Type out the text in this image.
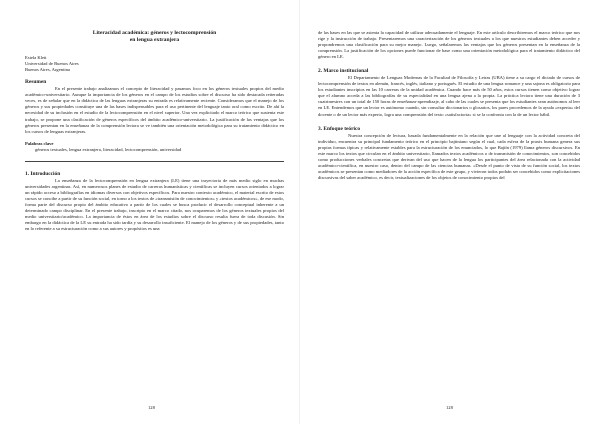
Literacidad académica: géneros y lectocomprensión
en lengua extranjera
Estela Klett
Universidad de Buenos Aires
Buenos Aires, Argentina
Resumen

En el presente trabajo analizamos el concepto de literacidad y pasamos foco en los géneros textuales propios del medio académico-universitario. Aunque la importancia de los géneros en el campo de los estudios sobre el discurso ha sido destacada reiteradas veces, es de señalar que en la didáctica de las lenguas extranjeras su entrada es relativamente reciente. Consideramos que el manejo de los géneros y sus propiedades constituye una de las bases indispensables para el uso pertinente del lenguaje tanto oral como escrito. De ahí la necesidad de su inclusión en el estudio de la lectocomprensión en el nivel superior. Una vez explicitado el marco teórico que sustenta este trabajo, se propone una clasificación de géneros específicos del ámbito académico-universitario. La justificación de las ventajas que los géneros presentan en la enseñanza de la comprensión lectora se ve también una orientación metodológica para su tratamiento didáctico en los cursos de lenguas extranjeras.

Palabras clave
géneros textuales, lengua extranjera, literacidad, lectocomprensión, universidad
1. Introducción

La enseñanza de la lectocomprensión en lengua extranjera (LE) tiene una trayectoria de más medio siglo en muchas universidades argentinas. Así, en numerosos planes de estudio de carreras humanísticas y científicas se incluyen cursos orientados a lograr un rápido acceso a bibliografías en idiomas diversos con objetivos específicos. Para nuestro contexto académico, el material escrito de estos cursos se concibe a partir de su función social, en torno a los textos de «transmisión de conocimientos» y «textos académicos», de ese modo, forma parte del discurso propio del ámbito educativo a partir de los cuales se busca producir el desarrollo conceptual inherente a un determinado campo disciplinar. En el presente trabajo, inscripto en el marco citado, nos ocuparemos de los géneros textuales propios del medio universitario/académico. La importancia de éstos en área de los estudios sobre el discurso resulta fuera de toda discusión. Sin embargo en la didáctica de la LE su entrada ha sido tardía y su desarrollo insuficiente. El manejo de los géneros y de sus propiedades, tanto en lo referente a su estructuración como a sus autores y propósitos es una

128

de las bases en las que se asienta la capacidad de utilizar adecuadamente el lenguaje. En este artículo describiremos el marco teórico que nos rige y la instrucción de trabajo. Presentaremos una caracterización de los géneros textuales a los que nuestros estudiantes deben acceder y propondremos una clasificación para su mejor manejo. Luego, señalaremos las ventajas que los géneros presentan en la enseñanza de la comprensión. La justificación de los opciones puede funcionar de base como una orientación metodológica para el tratamiento didáctico del género en LE.

2. Marco institucional

El Departamento de Lenguas Modernas de la Facultad de Filosofía y Letras (UBA) tiene a su cargo el dictado de cursos de lectocomprensión de textos en alemán, francés, inglés, italiano y portugués. El estudio de una lengua romance y una sajona es obligatorio para los estudiantes inscriptos en las 10 carreras de la unidad académica. Cuando hace más de 50 años, estos cursos tienen como objetivo lograr que el alumno acceda a las bibliografías de su especialidad en una lengua ajena a la propia. La práctica lectora tiene una duración de 3 cuatrimestres con un total de 150 horas de enseñanza-aprendizaje, al cabo de las cuales se presenta que los estudiantes sean autónomos al leer en LE. Entendemos que un lector es autónomo cuando, sin consultar diccionarios o glosarios, los pares procedemos de la ayuda «experta» del docente o de un lector más experto, logra una comprensión del texto «satisfactoria» si se la confronta con la de un lector hábil.

3. Enfoque teórico

Nuestra concepción de lectura, basada fundamentalmente en la relación que une al lenguaje con la actividad concreta del individuo, encuentra su principal fundamento teórico en el principio bajtiniano según el cual, cada esfera de la praxis humana genera sus propias formas típicas y relativamente estables para la estructuración de los enunciados, lo que Bajtín (1979) llama géneros discursivos. En este marco los textos que circulan en el ámbito universitario, llamados textos académicos o de transmisión de conocimientos, son concebidos como producciones verbales concretas que derivan del uso que hacen de la lengua los participantes del área relacionada con la actividad académico-científica, en nuestro caso, dentro del campo de las ciencias humanas. «Desde el punto de vista de su función social, los textos académicos se presentan como mediadores de la acción específica de este grupo, y vivieron todos podrán ser concebidos como explicitaciones discursivas del saber académico, es decir, textualizaciones de los objetos de conocimiento propios del

128
